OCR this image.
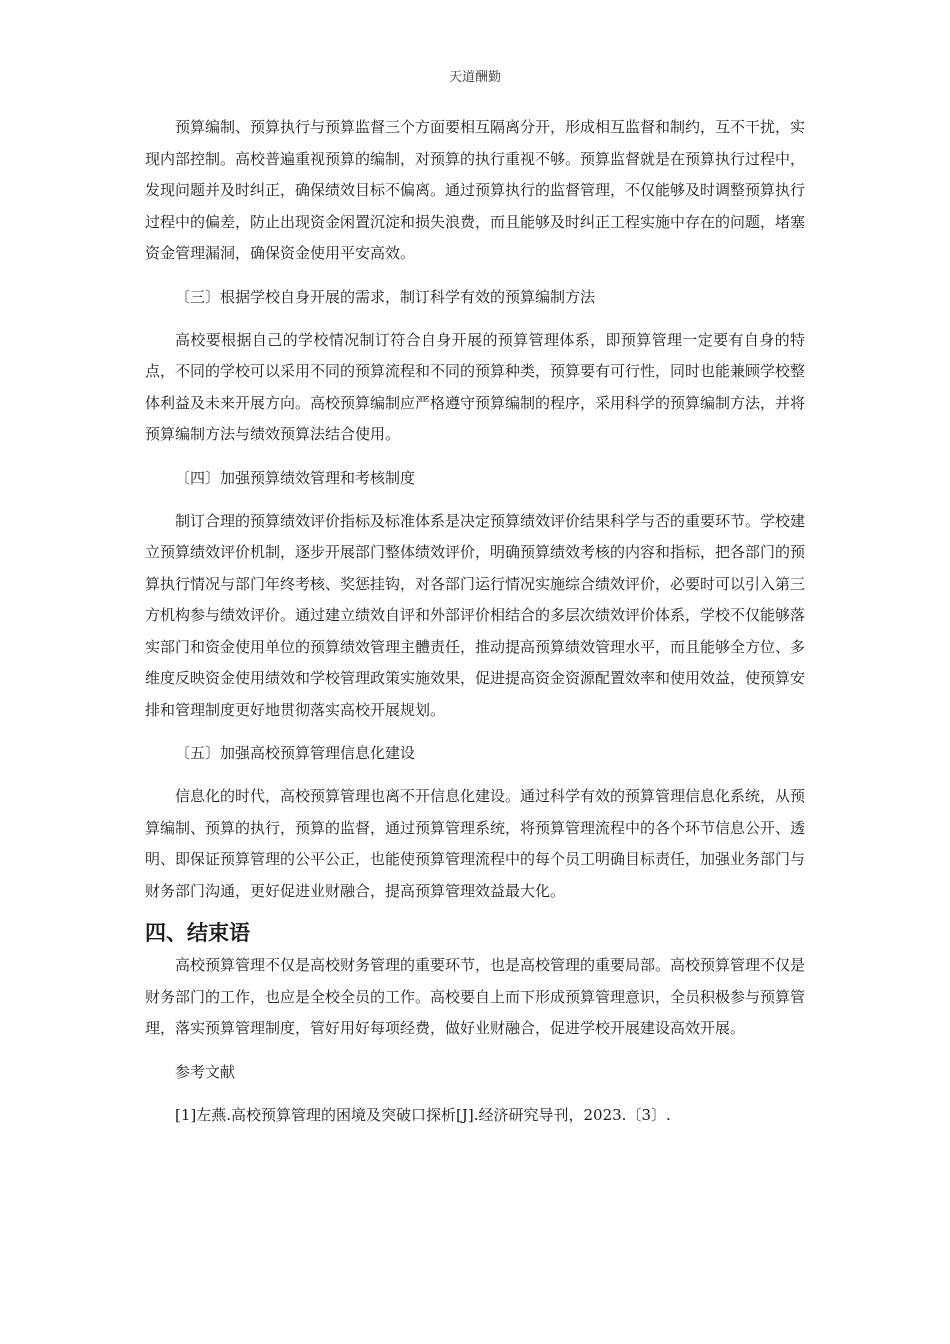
天道酬勤

预算编制、预算执行与预算监督三个方面要相互隔离分开，形成相互监督和制约，互不干扰，实现内部控制。高校普遍重视预算的编制，对预算的执行重视不够。预算监督就是在预算执行过程中，发现问题并及时纠正，确保绩效目标不偏离。通过预算执行的监督管理，不仅能够及时调整预算执行过程中的偏差，防止出现资金闲置沉淀和损失浪费，而且能够及时纠正工程实施中存在的问题，堵塞资金管理漏洞，确保资金使用平安高效。

〔三〕根据学校自身开展的需求，制订科学有效的预算编制方法

高校要根据自己的学校情况制订符合自身开展的预算管理体系，即预算管理一定要有自身的特点，不同的学校可以采用不同的预算流程和不同的预算种类，预算要有可行性，同时也能兼顾学校整体利益及未来开展方向。高校预算编制应严格遵守预算编制的程序，采用科学的预算编制方法，并将预算编制方法与绩效预算法结合使用。

〔四〕加强预算绩效管理和考核制度

制订合理的预算绩效评价指标及标准体系是决定预算绩效评价结果科学与否的重要环节。学校建立预算绩效评价机制，逐步开展部门整体绩效评价，明确预算绩效考核的内容和指标，把各部门的预算执行情况与部门年终考核、奖惩挂钩，对各部门运行情况实施综合绩效评价，必要时可以引入第三方机构参与绩效评价。通过建立绩效自评和外部评价相结合的多层次绩效评价体系，学校不仅能够落实部门和资金使用单位的预算绩效管理主體责任，推动提高预算绩效管理水平，而且能够全方位、多维度反映资金使用绩效和学校管理政策实施效果，促进提高资金资源配置效率和使用效益，使预算安排和管理制度更好地贯彻落实高校开展规划。

〔五〕加强高校预算管理信息化建设

信息化的时代，高校预算管理也离不开信息化建设。通过科学有效的预算管理信息化系统，从预算编制、预算的执行，预算的监督，通过预算管理系统，将预算管理流程中的各个环节信息公开、透明、即保证预算管理的公平公正，也能使预算管理流程中的每个员工明确目标责任，加强业务部门与财务部门沟通，更好促进业财融合，提高预算管理效益最大化。

四、结束语

高校预算管理不仅是高校财务管理的重要环节，也是高校管理的重要局部。高校预算管理不仅是财务部门的工作，也应是全校全员的工作。高校要自上而下形成预算管理意识，全员积极参与预算管理，落实预算管理制度，管好用好每项经费，做好业财融合，促进学校开展建设高效开展。

参考文献

[1]左燕.高校预算管理的困境及突破口探析[J].经济研究导刊，2023.〔3〕.
